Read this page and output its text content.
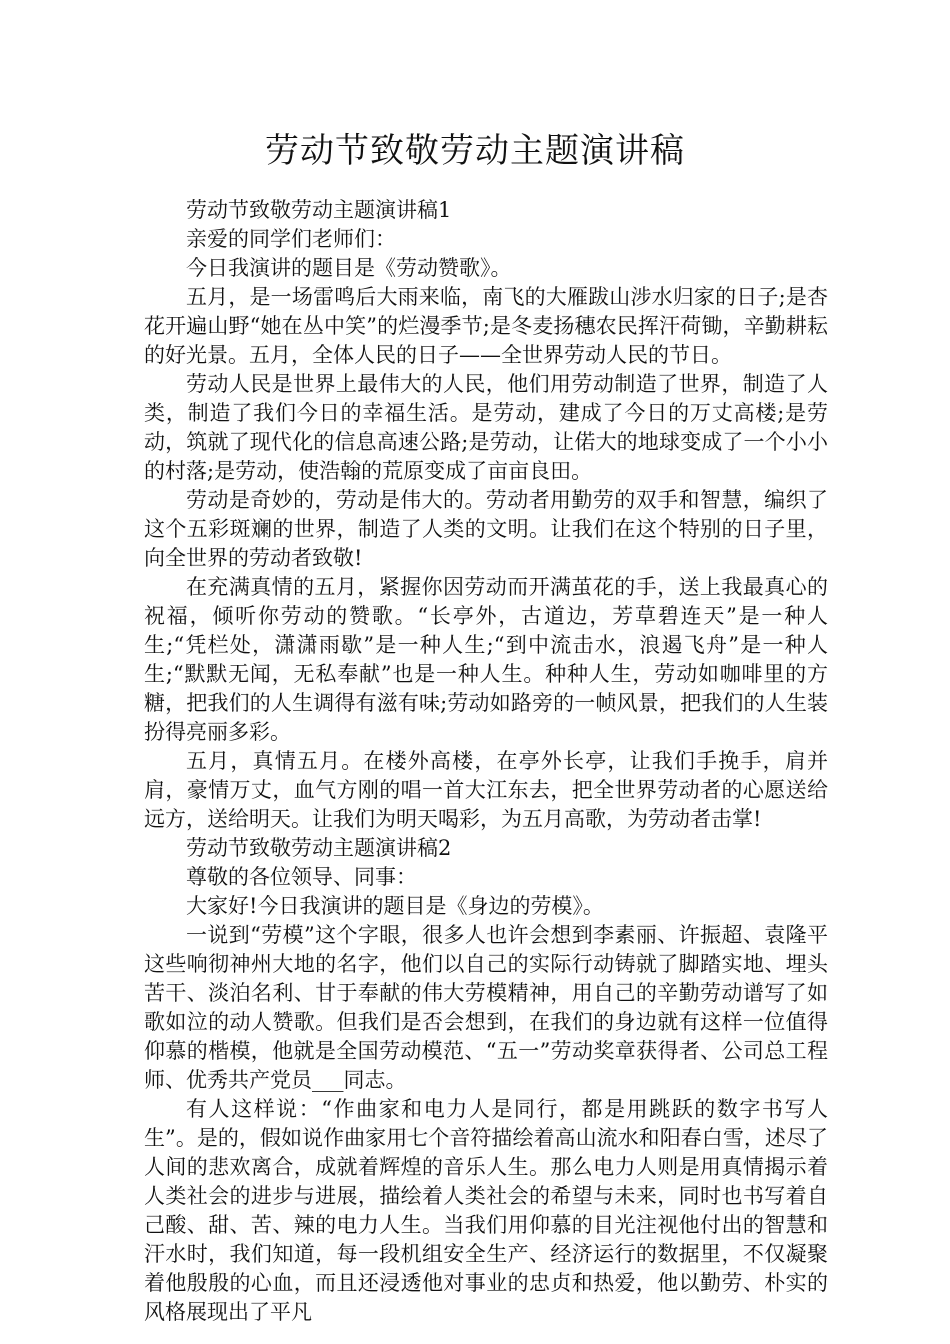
劳动节致敬劳动主题演讲稿

劳动节致敬劳动主题演讲稿1

亲爱的同学们老师们：

今日我演讲的题目是《劳动赞歌》。

五月，是一场雷鸣后大雨来临，南飞的大雁跋山涉水归家的日子;是杏花开遍山野“她在丛中笑”的烂漫季节;是冬麦扬穗农民挥汗荷锄，辛勤耕耘的好光景。五月，全体人民的日子——全世界劳动人民的节日。

劳动人民是世界上最伟大的人民，他们用劳动制造了世界，制造了人类，制造了我们今日的幸福生活。是劳动，建成了今日的万丈高楼;是劳动，筑就了现代化的信息高速公路;是劳动，让偌大的地球变成了一个小小的村落;是劳动，使浩翰的荒原变成了亩亩良田。

劳动是奇妙的，劳动是伟大的。劳动者用勤劳的双手和智慧，编织了这个五彩斑斓的世界，制造了人类的文明。让我们在这个特别的日子里，向全世界的劳动者致敬!

在充满真情的五月，紧握你因劳动而开满茧花的手，送上我最真心的祝福，倾听你劳动的赞歌。“长亭外，古道边，芳草碧连天”是一种人生;“凭栏处，潇潇雨歇”是一种人生;“到中流击水，浪遏飞舟”是一种人生;“默默无闻，无私奉献”也是一种人生。种种人生，劳动如咖啡里的方糖，把我们的人生调得有滋有味;劳动如路旁的一帧风景，把我们的人生装扮得亮丽多彩。

五月，真情五月。在楼外高楼，在亭外长亭，让我们手挽手，肩并肩，豪情万丈，血气方刚的唱一首大江东去，把全世界劳动者的心愿送给远方，送给明天。让我们为明天喝彩，为五月高歌，为劳动者击掌!

劳动节致敬劳动主题演讲稿2

尊敬的各位领导、同事：

大家好!今日我演讲的题目是《身边的劳模》。

一说到“劳模”这个字眼，很多人也许会想到李素丽、许振超、袁隆平这些响彻神州大地的名字，他们以自己的实际行动铸就了脚踏实地、埋头苦干、淡泊名利、甘于奉献的伟大劳模精神，用自己的辛勤劳动谱写了如歌如泣的动人赞歌。但我们是否会想到，在我们的身边就有这样一位值得仰慕的楷模，他就是全国劳动模范、“五一”劳动奖章获得者、公司总工程师、优秀共产党员___同志。

有人这样说：“作曲家和电力人是同行，都是用跳跃的数字书写人生”。是的，假如说作曲家用七个音符描绘着高山流水和阳春白雪，述尽了人间的悲欢离合，成就着辉煌的音乐人生。那么电力人则是用真情揭示着人类社会的进步与进展，描绘着人类社会的希望与未来，同时也书写着自己酸、甜、苦、辣的电力人生。当我们用仰慕的目光注视他付出的智慧和汗水时，我们知道，每一段机组安全生产、经济运行的数据里，不仅凝聚着他殷殷的心血，而且还浸透他对事业的忠贞和热爱，他以勤劳、朴实的风格展现出了平凡
